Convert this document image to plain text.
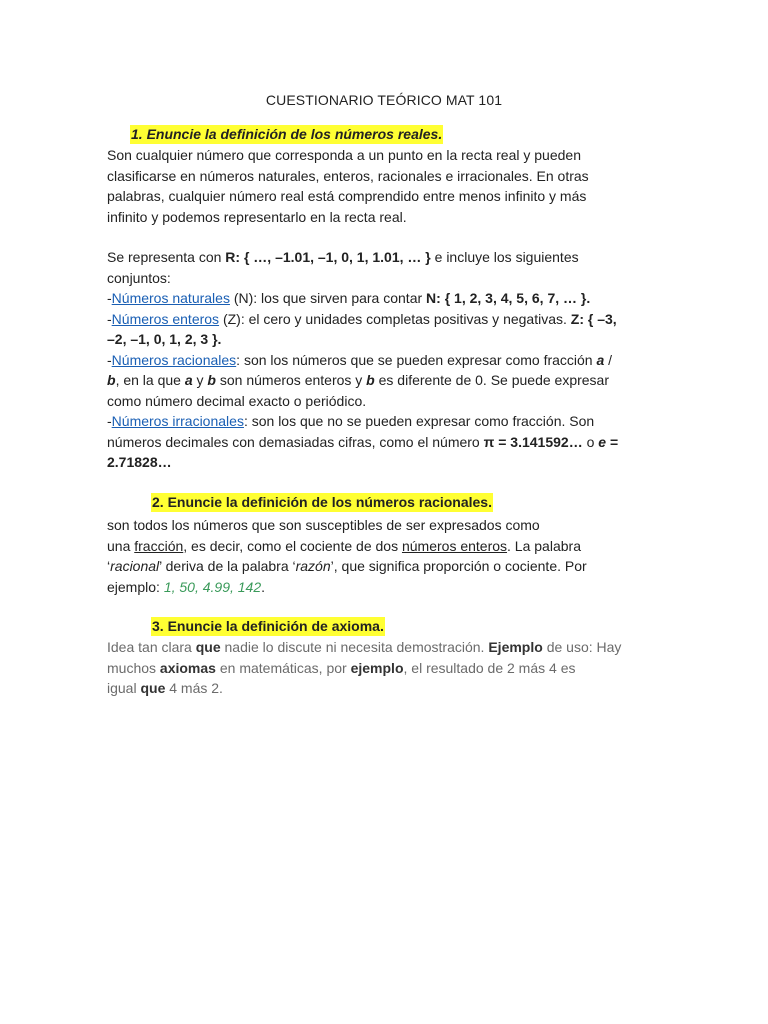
CUESTIONARIO TEÓRICO MAT 101
1. Enuncie la definición de los números reales.
Son cualquier número que corresponda a un punto en la recta real y pueden
clasificarse en números naturales, enteros, racionales e irracionales. En otras
palabras, cualquier número real está comprendido entre menos infinito y más
infinito y podemos representarlo en la recta real.
Se representa con R: { …, –1.01, –1, 0, 1, 1.01, … } e incluye los siguientes
conjuntos:
-Números naturales (N): los que sirven para contar N: { 1, 2, 3, 4, 5, 6, 7, … }.
-Números enteros (Z): el cero y unidades completas positivas y negativas. Z: { –3,
–2, –1, 0, 1, 2, 3 }.
-Números racionales: son los números que se pueden expresar como fracción a /
b, en la que a y b son números enteros y b es diferente de 0. Se puede expresar
como número decimal exacto o periódico.
-Números irracionales: son los que no se pueden expresar como fracción. Son
números decimales con demasiadas cifras, como el número π = 3.141592… o e =
2.71828…
2. Enuncie la definición de los números racionales.
son todos los números que son susceptibles de ser expresados como
una fracción, es decir, como el cociente de dos números enteros. La palabra
‘racional’ deriva de la palabra ‘razón’, que significa proporción o cociente. Por
ejemplo: 1, 50, 4.99, 142.
3. Enuncie la definición de axioma.
Idea tan clara que nadie lo discute ni necesita demostración. Ejemplo de uso: Hay
muchos axiomas en matemáticas, por ejemplo, el resultado de 2 más 4 es
igual que 4 más 2.
